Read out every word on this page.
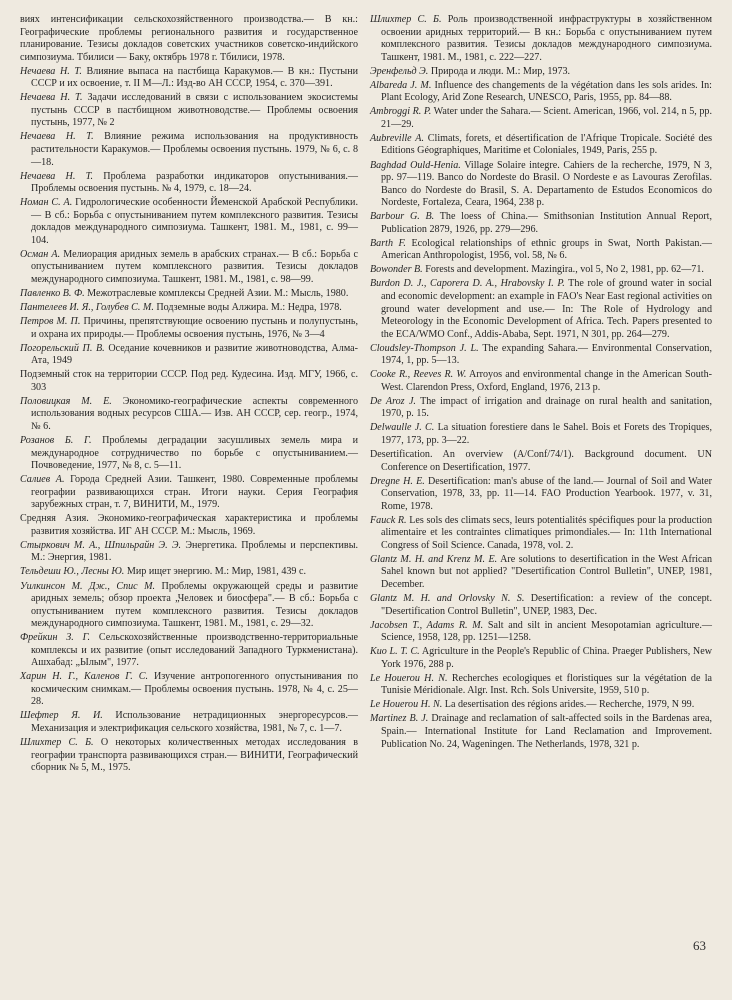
виях интенсификации сельскохозяйственного производства.— В кн.: Географические проблемы регионального развития и государственное планирование. Тезисы докладов советских участников советско-индийского симпозиума. Тбилиси — Баку, октябрь 1978 г. Тбилиси, 1978.

Нечаева Н. Т. Влияние выпаса на пастбища Каракумов.— В кн.: Пустыни СССР и их освоение, т. II М—Л.: Изд-во АН СССР, 1954, с. 370—391.

Нечаева Н. Т. Задачи исследований в связи с использованием экосистемы пустынь СССР в пастбищном животноводстве.— Проблемы освоения пустынь, 1977, № 2

Нечаева Н. Т. Влияние режима использования на продуктивность растительности Каракумов.— Проблемы освоения пустынь. 1979, № 6, с. 8—18.

Нечаева Н. Т. Проблема разработки индикаторов опустынивания.— Проблемы освоения пустынь. № 4, 1979, с. 18—24.

Номан С. А. Гидрологические особенности Йеменской Арабской Республики.— В сб.: Борьба с опустыниванием путем комплексного развития. Тезисы докладов международного симпозиума. Ташкент, 1981. М., 1981, с. 99—104.

Осман А. Мелиорация аридных земель в арабских странах.— В сб.: Борьба с опустыниванием путем комплексного развития. Тезисы докладов международного симпозиума. Ташкент, 1981. М., 1981, с. 98—99.

Павленко В. Ф. Межотраслевые комплексы Средней Азии. М.: Мысль, 1980.

Пантелеев И. Я., Голубев С. М. Подземные воды Алжира. М.: Недра, 1978.

Петров М. П. Причины, препятствующие освоению пустынь и полупустынь, и охрана их природы.— Проблемы освоения пустынь, 1976, № 3—4

Погорельский П. В. Оседание кочевников и развитие животноводства, Алма-Ата, 1949

Подземный сток на территории СССР. Под ред. Кудесина. Изд. МГУ, 1966, с. 303

Половицкая М. Е. Экономико-географические аспекты современного использования водных ресурсов США.— Изв. АН СССР, сер. геогр., 1974, № 6.

Розанов Б. Г. Проблемы деградации засушливых земель мира и международное сотрудничество по борьбе с опустыниванием.— Почвоведение, 1977, № 8, с. 5—11.

Салиев А. Города Средней Азии. Ташкент, 1980. Современные проблемы географии развивающихся стран. Итоги науки. Серия География зарубежных стран, т. 7, ВИНИТИ, М., 1979.

Средняя Азия. Экономико-географическая характеристика и проблемы развития хозяйства. ИГ АН СССР. М.: Мысль, 1969.

Стыркович М. А., Шпильрайн Э. Э. Энергетика. Проблемы и перспективы. М.: Энергия, 1981.

Тельдеши Ю., Лесны Ю. Мир ищет энергию. М.: Мир, 1981, 439 с.

Уилкинсон М. Дж., Спис М. Проблемы окружающей среды и развитие аридных земель; обзор проекта „Человек и биосфера".— В сб.: Борьба с опустыниванием путем комплексного развития. Тезисы докладов международного симпозиума. Ташкент, 1981. М., 1981, с. 29—32.

Фрейкин З. Г. Сельскохозяйственные производственно-территориальные комплексы и их развитие (опыт исследований Западного Туркменистана). Ашхабад: „Ылым", 1977.

Харин Н. Г., Каленов Г. С. Изучение антропогенного опустынивания по космическим снимкам.— Проблемы освоения пустынь. 1978, № 4, с. 25—28.

Шефтер Я. И. Использование нетрадиционных энергоресурсов.— Механизация и электрификация сельского хозяйства, 1981, № 7, с. 1—7.

Шлихтер С. Б. О некоторых количественных методах исследования в географии транспорта развивающихся стран.— ВИНИТИ, Географический сборник № 5, М., 1975.

Шлихтер С. Б. Роль производственной инфраструктуры в хозяйственном освоении аридных территорий.— В кн.: Борьба с опустыниванием путем комплексного развития. Тезисы докладов международного симпозиума. Ташкент, 1981. М., 1981, с. 222—227.

Эренфельд Э. Природа и люди. М.: Мир, 1973.

Albareda J. M. Influence des changements de la végétation dans les sols arides. In: Plant Ecology, Arid Zone Research, UNESCO, Paris, 1955, pp. 84—88.

Ambroggi R. P. Water under the Sahara.— Scient. American, 1966, vol. 214, n 5, pp. 21—29.

Aubreville A. Climats, forets, et désertification de l'Afrique Tropicale. Société des Editions Géographiques, Maritime et Coloniales, 1949, Paris, 255 p.

Baghdad Ould-Henia. Village Solaire integre. Cahiers de la recherche, 1979, N 3, pp. 97—119. Banco do Nordeste do Brasil. O Nordeste e as Lavouras Zerofilas. Banco do Nordeste do Brasil, S. A. Departamento de Estudos Economicos do Nordeste, Fortaleza, Ceara, 1964, 238 p.

Barbour G. B. The loess of China.— Smithsonian Institution Annual Report, Publication 2879, 1926, pp. 279—296.

Barth F. Ecological relationships of ethnic groups in Swat, North Pakistan.— American Anthropologist, 1956, vol. 58, № 6.

Bowonder B. Forests and development. Mazingira., vol 5, No 2, 1981, pp. 62—71.

Burdon D. J., Caporera D. A., Hrabovsky I. P. The role of ground water in social and economic development: an example in FAO's Near East regional activities on ground water development and use.— In: The Role of Hydrology and Meteorology in the Economic Development of Africa. Tech. Papers presented to the ECA/WMO Conf., Addis-Ababa, Sept. 1971, N 301, pp. 264—279.

Cloudsley-Thompson J. L. The expanding Sahara.— Environmental Conservation, 1974, 1, pp. 5—13.

Cooke R., Reeves R. W. Arroyos and environmental change in the American South-West. Clarendon Press, Oxford, England, 1976, 213 p.

De Aroz J. The impact of irrigation and drainage on rural health and sanitation, 1970, p. 15.

Delwaulle J. C. La situation forestiere dans le Sahel. Bois et Forets des Tropiques, 1977, 173, pp. 3—22.

Desertification. An overview (A/Conf/74/1). Background document. UN Conference on Desertification, 1977.

Dregne H. E. Desertification: man's abuse of the land.— Journal of Soil and Water Conservation, 1978, 33, pp. 11—14. FAO Production Yearbook. 1977, v. 31, Rome, 1978.

Fauck R. Les sols des climats secs, leurs potentialités spécifiques pour la production alimentaire et les contraintes climatiques primondiales.— In: 11th International Congress of Soil Science. Canada, 1978, vol. 2.

Glantz M. H. and Krenz M. E. Are solutions to desertification in the West African Sahel known but not applied? "Desertification Control Bulletin", UNEP, 1981, December.

Glantz M. H. and Orlovsky N. S. Desertification: a review of the concept. "Desertification Control Bulletin", UNEP, 1983, Dec.

Jacobsen T., Adams R. M. Salt and silt in ancient Mesopotamian agriculture.— Science, 1958, 128, pp. 1251—1258.

Kuo L. T. C. Agriculture in the People's Republic of China. Praeger Publishers, New York 1976, 288 p.

Le Houerou H. N. Recherches ecologiques et floristiques sur la végétation de la Tunisie Méridionale. Algr. Inst. Rch. Sols Universite, 1959, 510 p.

Le Houerou H. N. La desertisation des régions arides.— Recherche, 1979, N 99.

Martinez B. J. Drainage and reclamation of salt-affected soils in the Bardenas area, Spain.— International Institute for Land Reclamation and Improvement. Publication No. 24, Wageningen. The Netherlands, 1978, 321 p.

63
